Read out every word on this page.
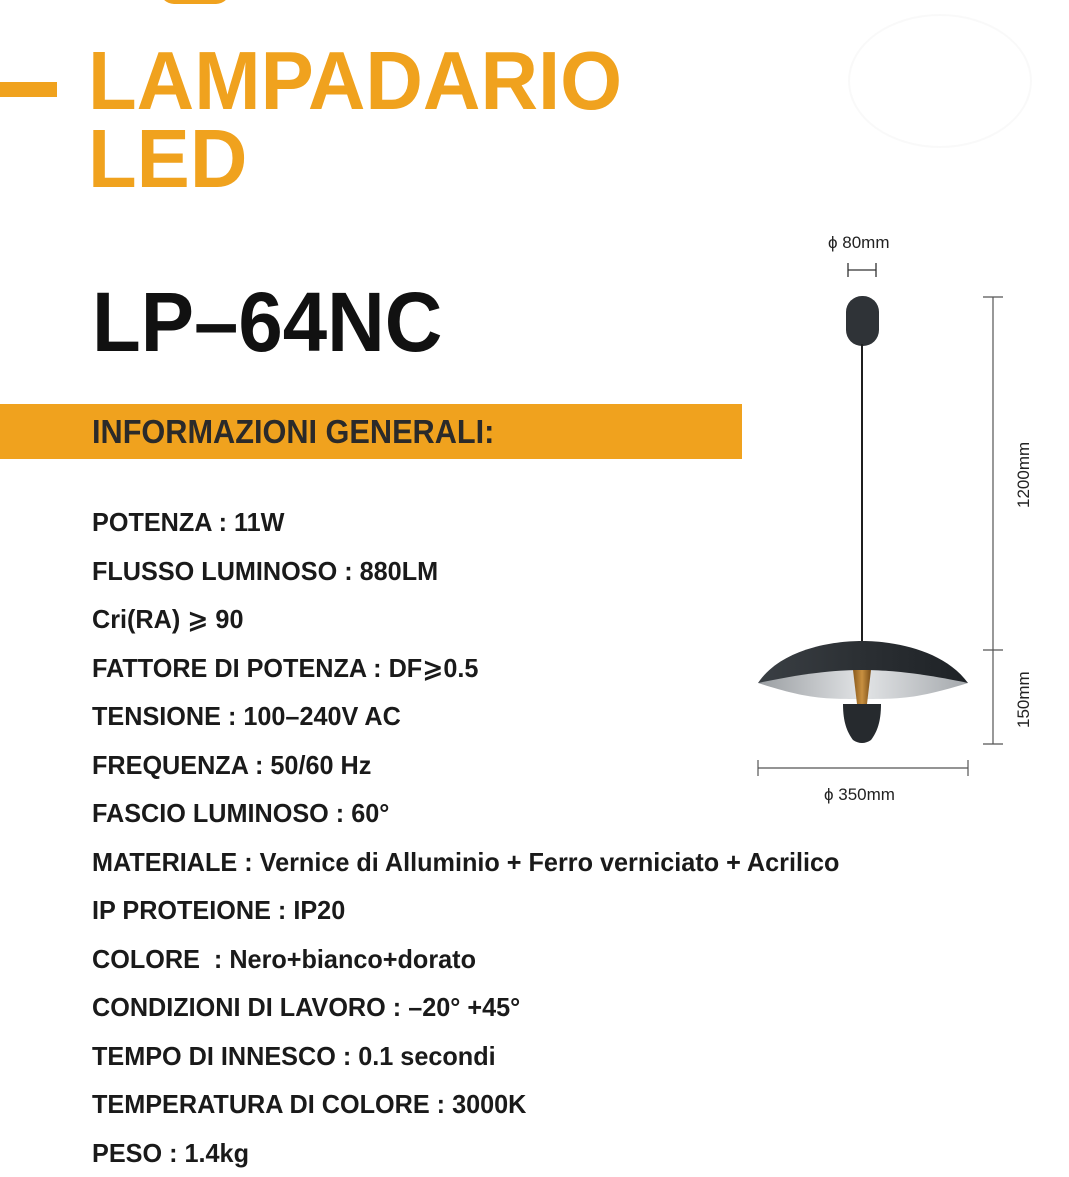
LAMPADARIO
LED
LP–64NC
INFORMAZIONI GENERALI:
POTENZA : 11W
FLUSSO LUMINOSO : 880LM
Cri(RA) ⩾ 90
FATTORE DI POTENZA : DF⩾0.5
TENSIONE : 100–240V AC
FREQUENZA : 50/60 Hz
FASCIO LUMINOSO : 60°
MATERIALE : Vernice di Alluminio + Ferro verniciato + Acrilico
IP PROTEIONE : IP20
COLORE  : Nero+bianco+dorato
CONDIZIONI DI LAVORO : –20° +45°
TEMPO DI INNESCO : 0.1 secondi
TEMPERATURA DI COLORE : 3000K
PESO : 1.4kg
ϕ 80mm
1200mm
150mm
ϕ 350mm
